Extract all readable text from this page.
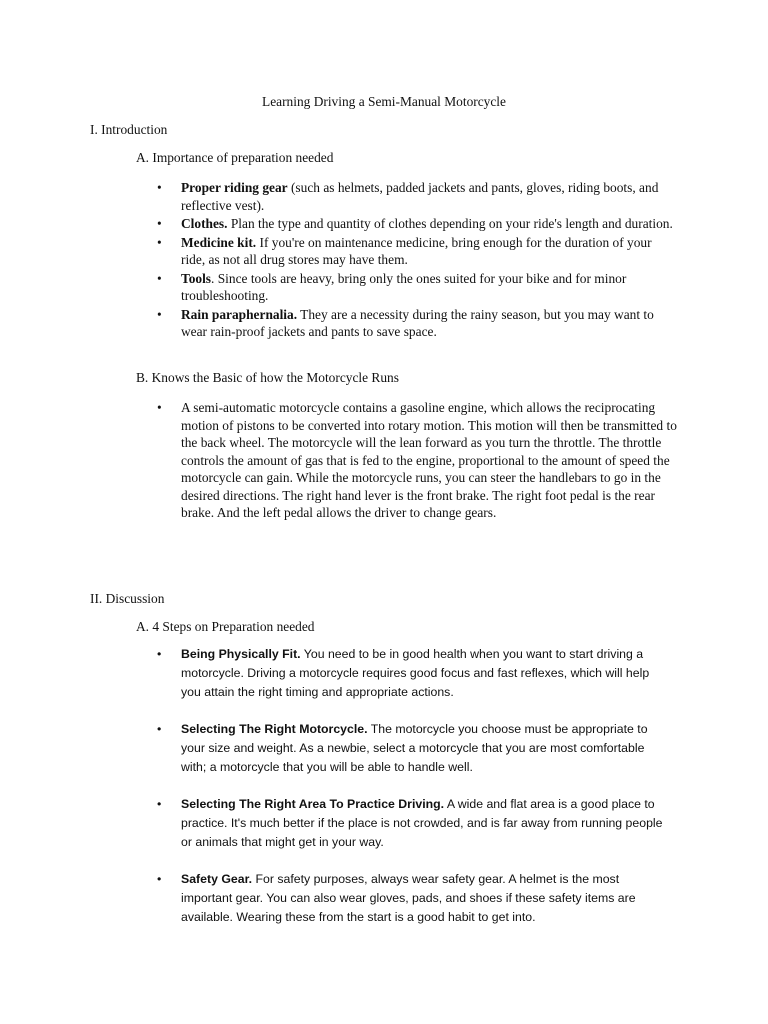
Learning Driving a Semi-Manual Motorcycle
I. Introduction
A. Importance of preparation needed
• Proper riding gear (such as helmets, padded jackets and pants, gloves, riding boots, and reflective vest).
• Clothes. Plan the type and quantity of clothes depending on your ride's length and duration.
• Medicine kit. If you're on maintenance medicine, bring enough for the duration of your ride, as not all drug stores may have them.
• Tools. Since tools are heavy, bring only the ones suited for your bike and for minor troubleshooting.
• Rain paraphernalia. They are a necessity during the rainy season, but you may want to wear rain-proof jackets and pants to save space.
B. Knows the Basic of how the Motorcycle Runs
• A semi-automatic motorcycle contains a gasoline engine, which allows the reciprocating motion of pistons to be converted into rotary motion. This motion will then be transmitted to the back wheel. The motorcycle will the lean forward as you turn the throttle. The throttle controls the amount of gas that is fed to the engine, proportional to the amount of speed the motorcycle can gain. While the motorcycle runs, you can steer the handlebars to go in the desired directions. The right hand lever is the front brake. The right foot pedal is the rear brake. And the left pedal allows the driver to change gears.
II. Discussion
A. 4 Steps on Preparation needed
• Being Physically Fit. You need to be in good health when you want to start driving a motorcycle. Driving a motorcycle requires good focus and fast reflexes, which will help you attain the right timing and appropriate actions.
• Selecting The Right Motorcycle. The motorcycle you choose must be appropriate to your size and weight. As a newbie, select a motorcycle that you are most comfortable with; a motorcycle that you will be able to handle well.
• Selecting The Right Area To Practice Driving. A wide and flat area is a good place to practice. It's much better if the place is not crowded, and is far away from running people or animals that might get in your way.
• Safety Gear. For safety purposes, always wear safety gear. A helmet is the most important gear. You can also wear gloves, pads, and shoes if these safety items are available. Wearing these from the start is a good habit to get into.
